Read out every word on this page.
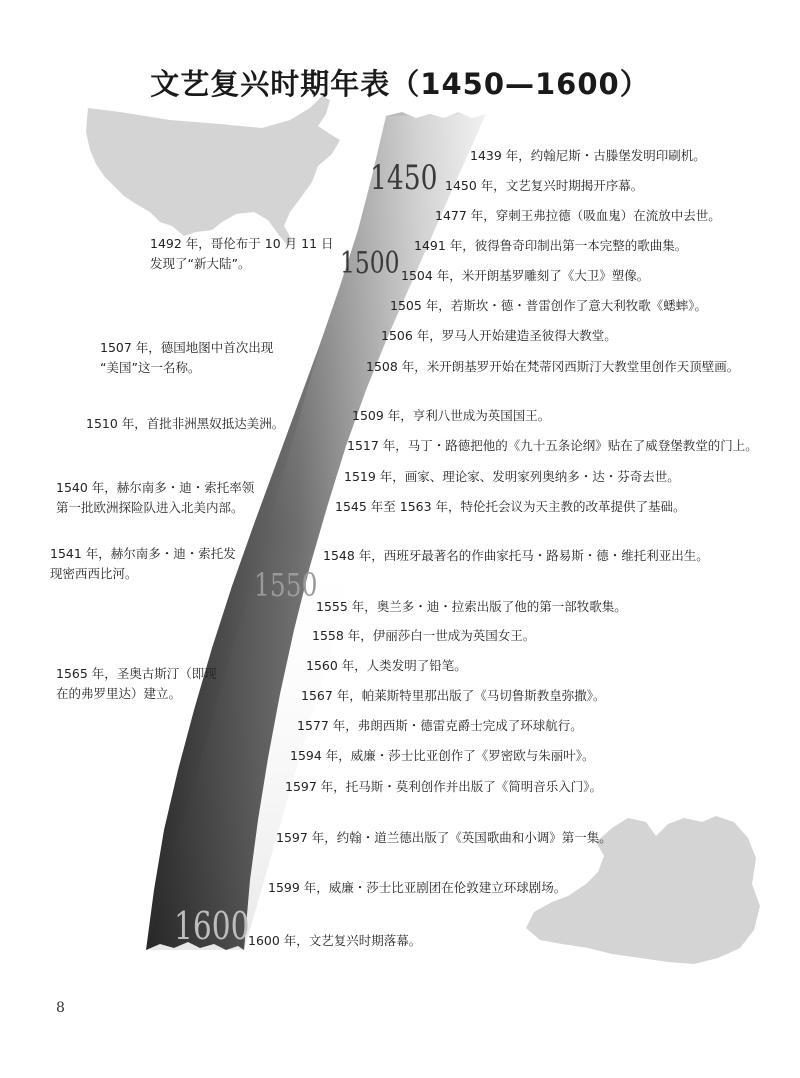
文艺复兴时期年表（1450—1600）
1450
1500
1550
1600
1439 年，约翰尼斯・古滕堡发明印刷机。
1450 年，文艺复兴时期揭开序幕。
1477 年，穿刺王弗拉德（吸血鬼）在流放中去世。
1491 年，彼得鲁奇印制出第一本完整的歌曲集。
1504 年，米开朗基罗雕刻了《大卫》塑像。
1505 年，若斯坎・德・普雷创作了意大利牧歌《蟋蟀》。
1506 年，罗马人开始建造圣彼得大教堂。
1508 年，米开朗基罗开始在梵蒂冈西斯汀大教堂里创作天顶壁画。
1509 年，亨利八世成为英国国王。
1517 年，马丁・路德把他的《九十五条论纲》贴在了威登堡教堂的门上。
1519 年，画家、理论家、发明家列奥纳多・达・芬奇去世。
1545 年至 1563 年，特伦托会议为天主教的改革提供了基础。
1548 年，西班牙最著名的作曲家托马・路易斯・德・维托利亚出生。
1555 年，奥兰多・迪・拉索出版了他的第一部牧歌集。
1558 年，伊丽莎白一世成为英国女王。
1560 年，人类发明了铅笔。
1567 年，帕莱斯特里那出版了《马切鲁斯教皇弥撒》。
1577 年，弗朗西斯・德雷克爵士完成了环球航行。
1594 年，威廉・莎士比亚创作了《罗密欧与朱丽叶》。
1597 年，托马斯・莫利创作并出版了《简明音乐入门》。
1597 年，约翰・道兰德出版了《英国歌曲和小调》第一集。
1599 年，威廉・莎士比亚剧团在伦敦建立环球剧场。
1600 年，文艺复兴时期落幕。
1492 年，哥伦布于 10 月 11 日
发现了“新大陆”。
1507 年，德国地图中首次出现
“美国”这一名称。
1510 年，首批非洲黑奴抵达美洲。
1540 年，赫尔南多・迪・索托率领
第一批欧洲探险队进入北美内部。
1541 年，赫尔南多・迪・索托发
现密西西比河。
1565 年，圣奥古斯汀（即现
在的弗罗里达）建立。
8
